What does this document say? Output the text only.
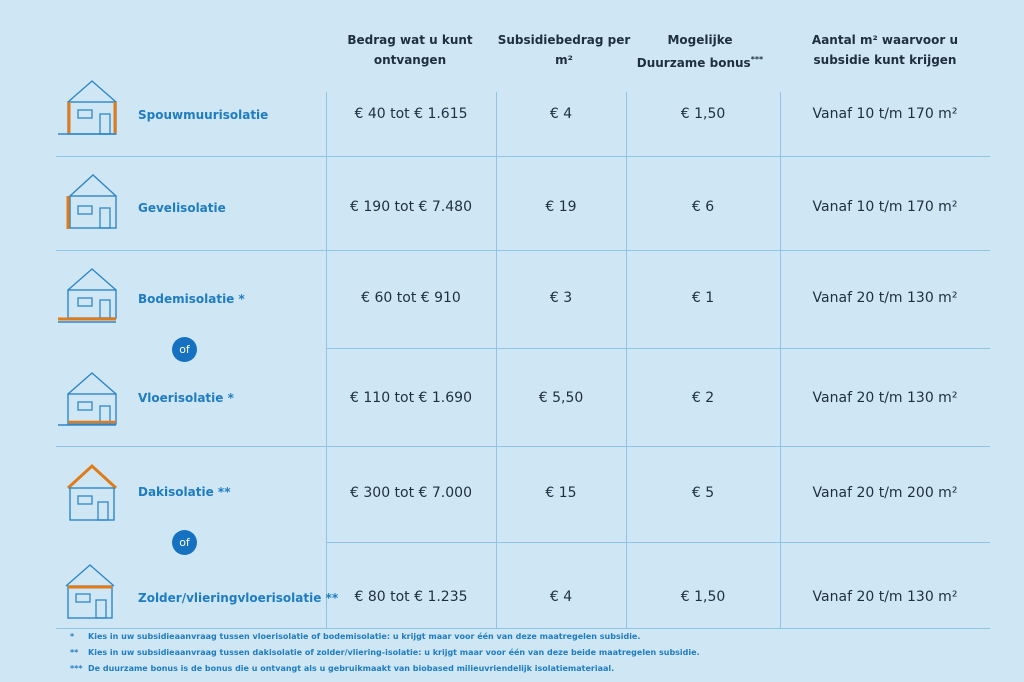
Bedrag wat u kunt
ontvangen
Subsidiebedrag per
m²
Mogelijke
Duurzame bonus***
Aantal m² waarvoor u
subsidie kunt krijgen
Spouwmuurisolatie	€ 40 tot € 1.615	€ 4	€ 1,50	Vanaf 10 t/m 170 m²
Gevelisolatie	€ 190 tot € 7.480	€ 19	€ 6	Vanaf 10 t/m 170 m²
Bodemisolatie *	€ 60 tot € 910	€ 3	€ 1	Vanaf 20 t/m 130 m²
of
Vloerisolatie *	€ 110 tot € 1.690	€ 5,50	€ 2	Vanaf 20 t/m 130 m²
Dakisolatie **	€ 300 tot € 7.000	€ 15	€ 5	Vanaf 20 t/m 200 m²
of
Zolder/vlieringvloerisolatie **	€ 80 tot € 1.235	€ 4	€ 1,50	Vanaf 20 t/m 130 m²
* Kies in uw subsidieaanvraag tussen vloerisolatie of bodemisolatie: u krijgt maar voor één van deze maatregelen subsidie.
** Kies in uw subsidieaanvraag tussen dakisolatie of zolder/vliering-isolatie: u krijgt maar voor één van deze beide maatregelen subsidie.
*** De duurzame bonus is de bonus die u ontvangt als u gebruikmaakt van biobased milieuvriendelijk isolatiemateriaal.
